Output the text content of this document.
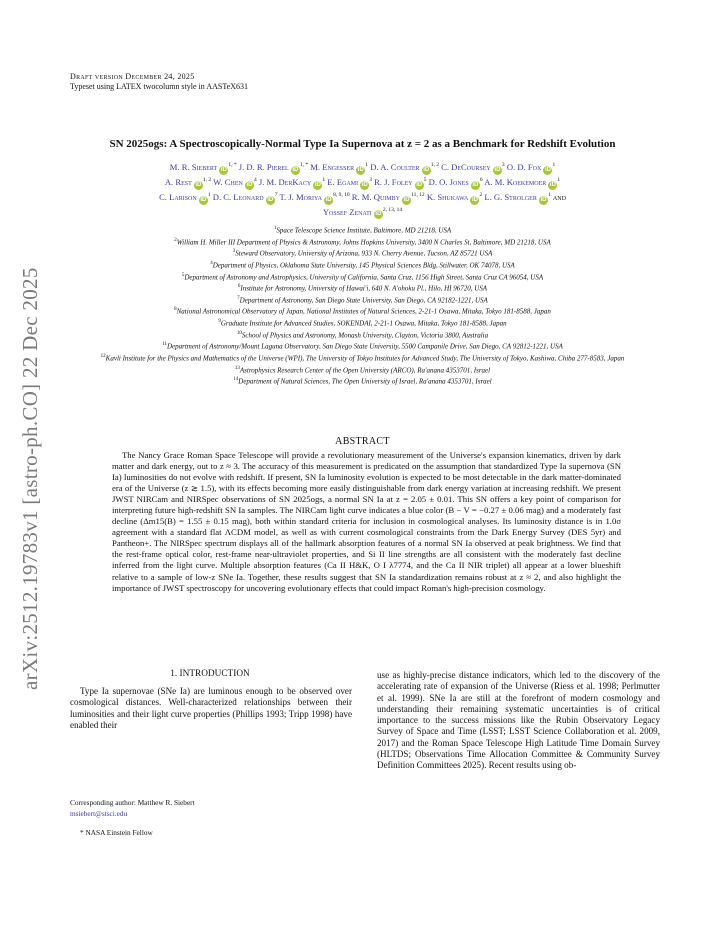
arXiv:2512.19783v1 [astro-ph.CO] 22 Dec 2025
Draft version December 24, 2025
Typeset using LATEX twocolumn style in AASTeX631
SN 2025ogs: A Spectroscopically-Normal Type Ia Supernova at z = 2 as a Benchmark for Redshift Evolution
M. R. Siebert $iD^{1, *}$ J. D. R. Pierel $iD^{1, *}$ M. Engesser $iD^1$ D. A. Coulter iD$^{1, 2}$ C. DeCoursey $iD^3$ O. D. Fox $iD^1$
A. Rest iD$^{1, 2}$ W. Chen $iD^4$ J. M. DerKacy $iD^1$ E. Egami $iD^3$ R. J. Foley $iD^5$ D. O. Jones $iD^6$ A. M. Koekemoer $iD^1$
C. Larison $iD^1$ D. C. Leonard $iD^7$ T. J. Moriya iD$^{8, 9, 10}$ R. M. Quimby iD$^{11, 12}$ K. Shukawa $iD^2$ L. G. Strolger $iD^1$ and
Yossef Zenati iD$^{2, 13, 14}$
$^1$Space Telescope Science Institute, Baltimore, MD 21218, USA
$^2$William H. Miller III Department of Physics & Astronomy, Johns Hopkins University, 3400 N Charles St, Baltimore, MD 21218, USA
$^3$Steward Observatory, University of Arizona, 933 N. Cherry Avenue, Tucson, AZ 85721 USA
$^4$Department of Physics, Oklahoma State University, 145 Physical Sciences Bldg, Stillwater, OK 74078, USA
$^5$Department of Astronomy and Astrophysics, University of California, Santa Cruz, 1156 High Street, Santa Cruz CA 96054, USA
$^6$Institute for Astronomy, University of Hawai'i, 640 N. A'ohoku Pl., Hilo, HI 96720, USA
$^7$Department of Astronomy, San Diego State University, San Diego, CA 92182-1221, USA
$^8$National Astronomical Observatory of Japan, National Institutes of Natural Sciences, 2-21-1 Osawa, Mitaka, Tokyo 181-8588, Japan
$^9$Graduate Institute for Advanced Studies, SOKENDAI, 2-21-1 Osawa, Mitaka, Tokyo 181-8588, Japan
$^{10}$School of Physics and Astronomy, Monash University, Clayton, Victoria 3800, Australia
$^{11}$Department of Astronomy/Mount Laguna Observatory, San Diego State University, 5500 Campanile Drive, San Diego, CA 92812-1221, USA
$^{12}$Kavli Institute for the Physics and Mathematics of the Universe (WPI), The University of Tokyo Institutes for Advanced Study, The University of Tokyo, Kashiwa, Chiba 277-8583, Japan
$^{13}$Astrophysics Research Center of the Open University (ARCO), Ra'anana 4353701, Israel
$^{14}$Department of Natural Sciences, The Open University of Israel, Ra'anana 4353701, Israel
ABSTRACT
The Nancy Grace Roman Space Telescope will provide a revolutionary measurement of the Universe's expansion kinematics, driven by dark matter and dark energy, out to z ≈ 3. The accuracy of this measurement is predicated on the assumption that standardized Type Ia supernova (SN Ia) luminosities do not evolve with redshift. If present, SN Ia luminosity evolution is expected to be most detectable in the dark matter-dominated era of the Universe (z ≳ 1.5), with its effects becoming more easily distinguishable from dark energy variation at increasing redshift. We present JWST NIRCam and NIRSpec observations of SN 2025ogs, a normal SN Ia at z = 2.05 ± 0.01. This SN offers a key point of comparison for interpreting future high-redshift SN Ia samples. The NIRCam light curve indicates a blue color (B − V = −0.27 ± 0.06 mag) and a moderately fast decline (Δm15(B) = 1.55 ± 0.15 mag), both within standard criteria for inclusion in cosmological analyses. Its luminosity distance is in 1.0σ agreement with a standard flat ΛCDM model, as well as with current cosmological constraints from the Dark Energy Survey (DES 5yr) and Pantheon+. The NIRSpec spectrum displays all of the hallmark absorption features of a normal SN Ia observed at peak brightness. We find that the rest-frame optical color, rest-frame near-ultraviolet properties, and Si II line strengths are all consistent with the moderately fast decline inferred from the light curve. Multiple absorption features (Ca II H&K, O I λ7774, and the Ca II NIR triplet) all appear at a lower blueshift relative to a sample of low-z SNe Ia. Together, these results suggest that SN Ia standardization remains robust at z ≈ 2, and also highlight the importance of JWST spectroscopy for uncovering evolutionary effects that could impact Roman's high-precision cosmology.
1. INTRODUCTION
Type Ia supernovae (SNe Ia) are luminous enough to be observed over cosmological distances. Well-characterized relationships between their luminosities and their light curve properties (Phillips 1993; Tripp 1998) have enabled their
use as highly-precise distance indicators, which led to the discovery of the accelerating rate of expansion of the Universe (Riess et al. 1998; Perlmutter et al. 1999). SNe Ia are still at the forefront of modern cosmology and understanding their remaining systematic uncertainties is of critical importance to the success missions like the Rubin Observatory Legacy Survey of Space and Time (LSST; LSST Science Collaboration et al. 2009, 2017) and the Roman Space Telescope High Latitude Time Domain Survey (HLTDS; Observations Time Allocation Committee & Community Survey Definition Committees 2025). Recent results using ob-
Corresponding author: Matthew R. Siebert
msiebert@stsci.edu
* NASA Einstein Fellow
